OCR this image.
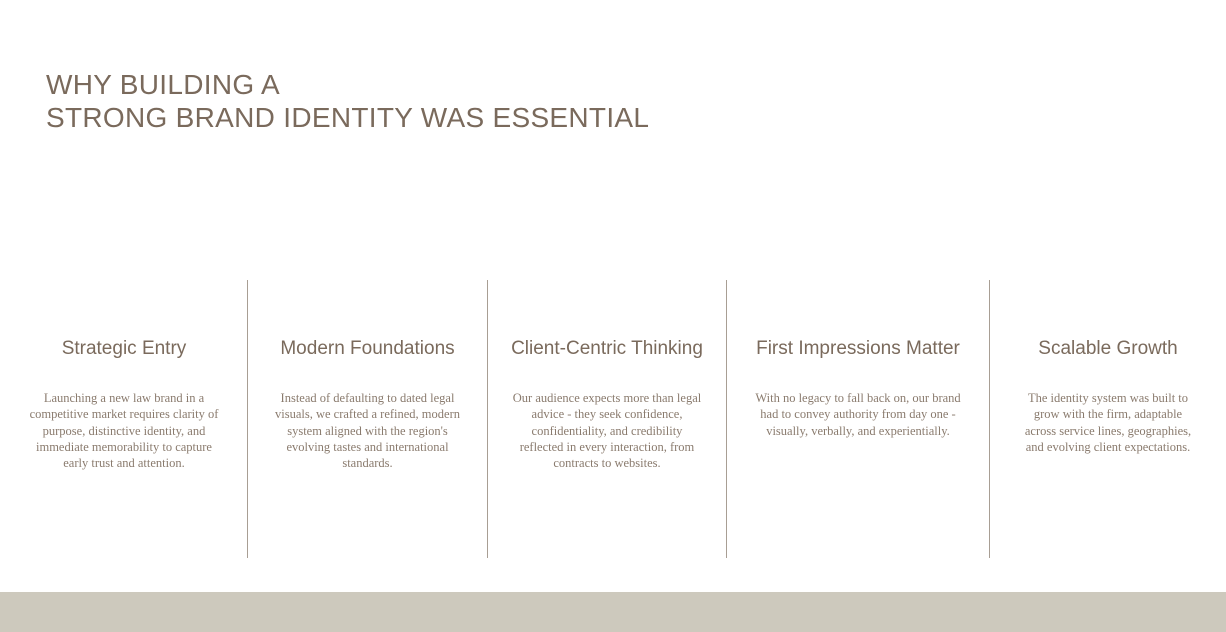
WHY BUILDING A
STRONG BRAND IDENTITY WAS ESSENTIAL
Strategic Entry

Launching a new law brand in a competitive market requires clarity of purpose, distinctive identity, and immediate memorability to capture early trust and attention.

Modern Foundations

Instead of defaulting to dated legal visuals, we crafted a refined, modern system aligned with the region's evolving tastes and international standards.

Client-Centric Thinking

Our audience expects more than legal advice - they seek confidence, confidentiality, and credibility reflected in every interaction, from contracts to websites.

First Impressions Matter

With no legacy to fall back on, our brand had to convey authority from day one - visually, verbally, and experientially.

Scalable Growth

The identity system was built to grow with the firm, adaptable across service lines, geographies, and evolving client expectations.
